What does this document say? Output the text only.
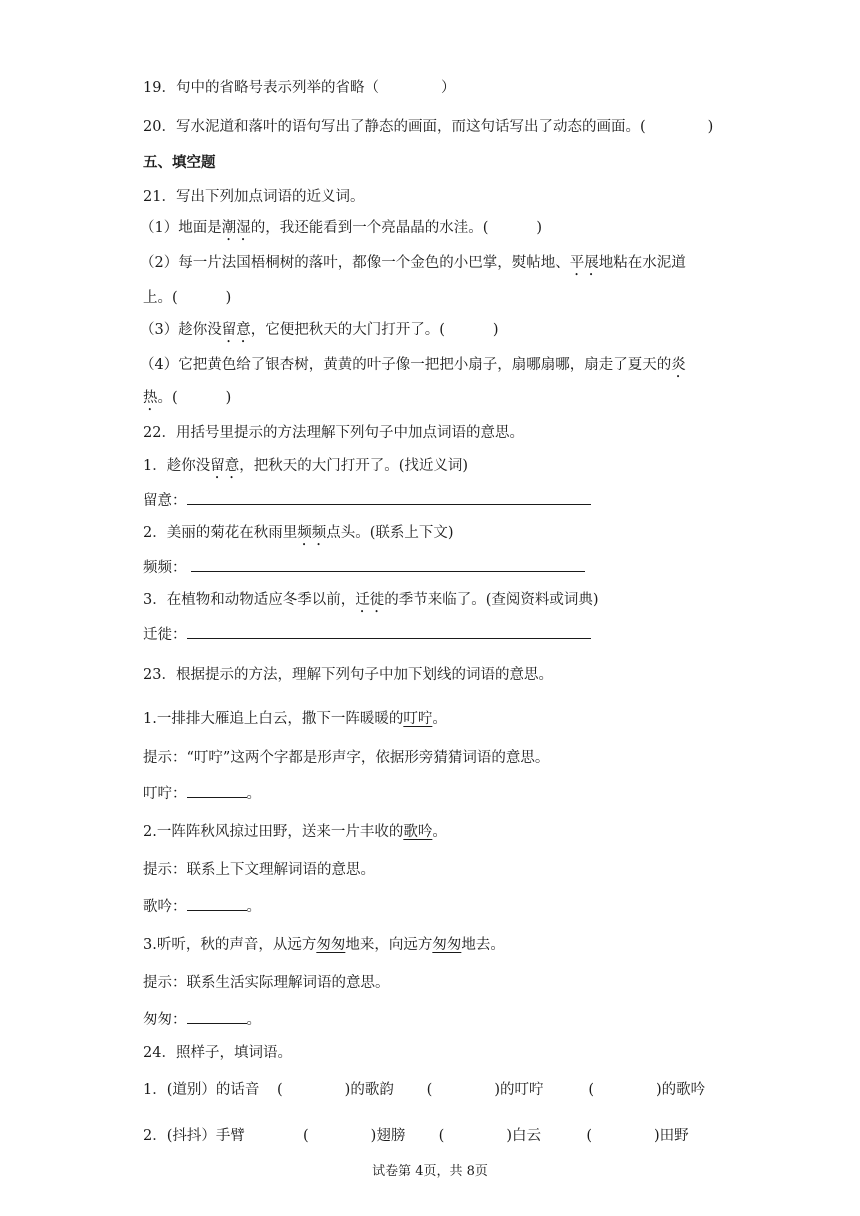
19．句中的省略号表示列举的省略（	）
20．写水泥道和落叶的语句写出了静态的画面，而这句话写出了动态的画面。(	)
五、填空题
21．写出下列加点词语的近义词。
（1）地面是潮湿的，我还能看到一个亮晶晶的水洼。(	)
（2）每一片法国梧桐树的落叶，都像一个金色的小巴掌，熨帖地、平展地粘在水泥道
上。(	)
（3）趁你没留意，它便把秋天的大门打开了。(	)
（4）它把黄色给了银杏树，黄黄的叶子像一把把小扇子，扇哪扇哪，扇走了夏天的炎
热。(	)
22．用括号里提示的方法理解下列句子中加点词语的意思。
1．趁你没留意，把秋天的大门打开了。(找近义词)
留意：
2．美丽的菊花在秋雨里频频点头。(联系上下文)
频频：
3．在植物和动物适应冬季以前，迁徙的季节来临了。(查阅资料或词典)
迁徙：
23．根据提示的方法，理解下列句子中加下划线的词语的意思。
1.一排排大雁追上白云，撒下一阵暖暖的叮咛。
提示：“叮咛”这两个字都是形声字，依据形旁猜猜词语的意思。
叮咛：	。
2.一阵阵秋风掠过田野，送来一片丰收的歌吟。
提示：联系上下文理解词语的意思。
歌吟：	。
3.听听，秋的声音，从远方匆匆地来，向远方匆匆地去。
提示：联系生活实际理解词语的意思。
匆匆：	。
24．照样子，填词语。
1．(道别）的话音 (	)的歌韵 (	)的叮咛	(	)的歌吟
2．(抖抖）手臂	(	)翅膀 (	)白云	(	)田野
试卷第 4页，共 8页
